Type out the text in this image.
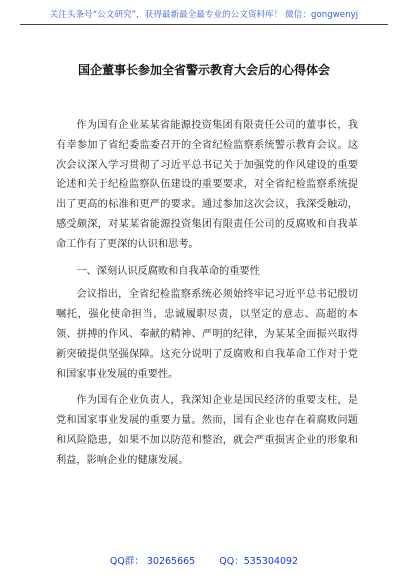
关注头条号“公文研究”，获得最新最全最专业的公文资料库！ 微信：gongwenyj
国企董事长参加全省警示教育大会后的心得体会

作为国有企业某某省能源投资集团有限责任公司的董事长，我有幸参加了省纪委监委召开的全省纪检监察系统警示教育会议。这次会议深入学习贯彻了习近平总书记关于加强党的作风建设的重要论述和关于纪检监察队伍建设的重要要求，对全省纪检监察系统提出了更高的标准和更严的要求。通过参加这次会议，我深受触动，感受颇深，对某某省能源投资集团有限责任公司的反腐败和自我革命工作有了更深的认识和思考。

一、深刻认识反腐败和自我革命的重要性

会议指出，全省纪检监察系统必须始终牢记习近平总书记殷切嘱托，强化使命担当，忠诚履职尽责，以坚定的意志、高超的本领、拼搏的作风、奉献的精神、严明的纪律，为某某全面振兴取得新突破提供坚强保障。这充分说明了反腐败和自我革命工作对于党和国家事业发展的重要性。

作为国有企业负责人，我深知企业是国民经济的重要支柱，是党和国家事业发展的重要力量。然而，国有企业也存在着腐败问题和风险隐患，如果不加以防范和整治，就会严重损害企业的形象和利益，影响企业的健康发展。

QQ群： 30265665	QQ：535304092
